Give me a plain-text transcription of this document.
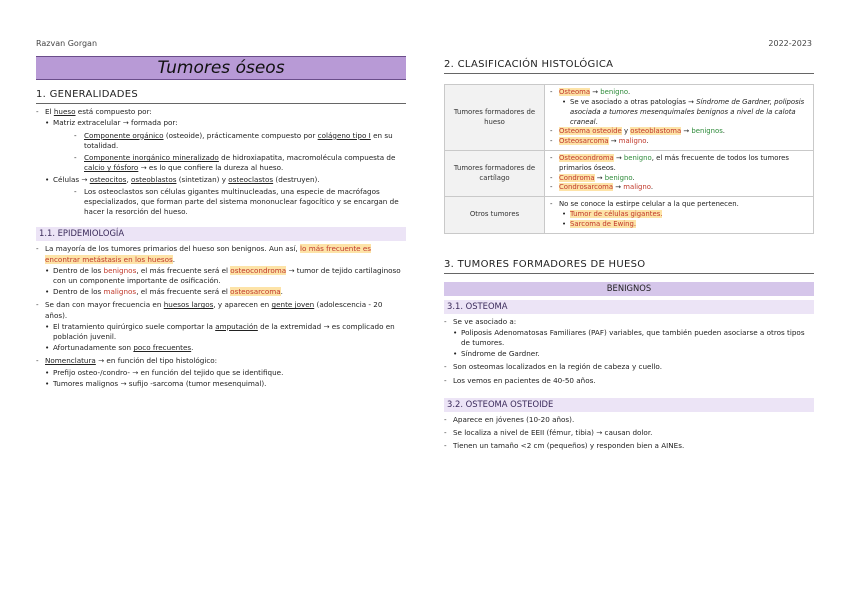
Razvan Gorgan	2022-2023
Tumores óseos
1. GENERALIDADES
- El hueso está compuesto por:
• Matriz extracelular → formada por:
- Componente orgánico (osteoide), prácticamente compuesto por colágeno tipo I en su totalidad.
- Componente inorgánico mineralizado de hidroxiapatita, macromolécula compuesta de calcio y fósforo → es lo que confiere la dureza al hueso.
• Células → osteocitos, osteoblastos (sintetizan) y osteoclastos (destruyen).
- Los osteoclastos son células gigantes multinucleadas, una especie de macrófagos especializados, que forman parte del sistema mononuclear fagocítico y se encargan de hacer la resorción del hueso.
1.1. EPIDEMIOLOGÍA
- La mayoría de los tumores primarios del hueso son benignos. Aun así, lo más frecuente es encontrar metástasis en los huesos.
• Dentro de los benignos, el más frecuente será el osteocondroma → tumor de tejido cartilaginoso con un componente importante de osificación.
• Dentro de los malignos, el más frecuente será el osteosarcoma.
- Se dan con mayor frecuencia en huesos largos, y aparecen en gente joven (adolescencia - 20 años).
• El tratamiento quirúrgico suele comportar la amputación de la extremidad → es complicado en población juvenil.
• Afortunadamente son poco frecuentes.
- Nomenclatura → en función del tipo histológico:
• Prefijo osteo-/condro- → en función del tejido que se identifique.
• Tumores malignos → sufijo -sarcoma (tumor mesenquimal).
2. CLASIFICACIÓN HISTOLÓGICA
Tumores formadores de hueso	- Osteoma → benigno.
• Se ve asociado a otras patologías → Síndrome de Gardner, poliposis asociada a tumores mesenquimales benignos a nivel de la calota craneal.
- Osteoma osteoide y osteoblastoma → benignos.
- Osteosarcoma → maligno.

Tumores formadores de cartílago	- Osteocondroma → benigno, el más frecuente de todos los tumores primarios óseos.
- Condroma → benigno.
- Condrosarcoma → maligno.

Otros tumores	- No se conoce la estirpe celular a la que pertenecen.
• Tumor de células gigantes.
• Sarcoma de Ewing.
3. TUMORES FORMADORES DE HUESO
BENIGNOS
3.1. OSTEOMA
- Se ve asociado a:
• Poliposis Adenomatosas Familiares (PAF) variables, que también pueden asociarse a otros tipos de tumores.
• Síndrome de Gardner.
- Son osteomas localizados en la región de cabeza y cuello.
- Los vemos en pacientes de 40-50 años.
3.2. OSTEOMA OSTEOIDE
- Aparece en jóvenes (10-20 años).
- Se localiza a nivel de EEII (fémur, tibia) → causan dolor.
- Tienen un tamaño <2 cm (pequeños) y responden bien a AINEs.
